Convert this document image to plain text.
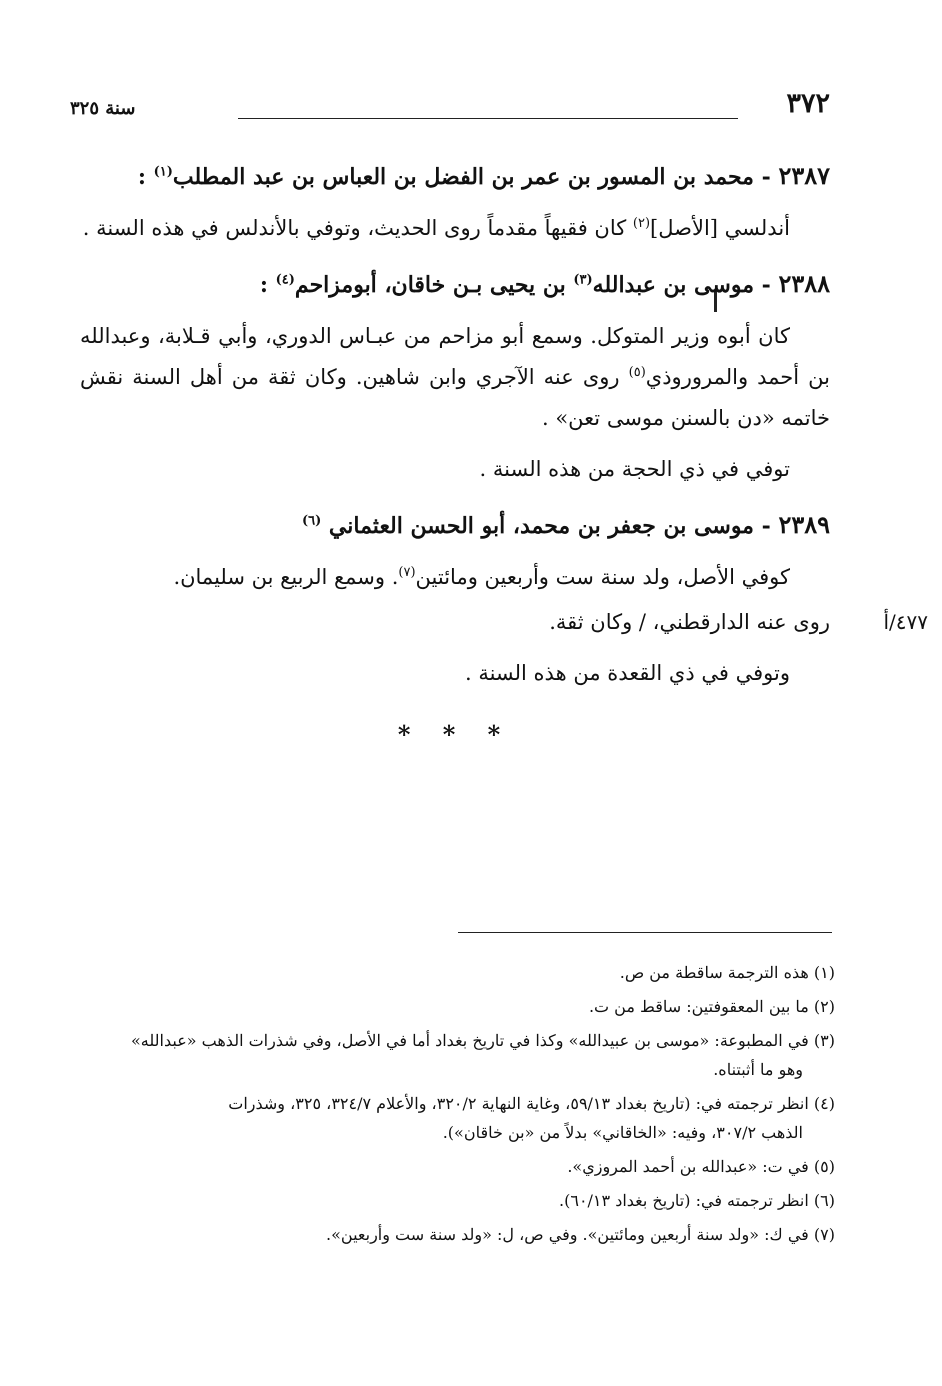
٣٧٢
سنة ٣٢٥

٢٣٨٧ - محمد بن المسور بن عمر بن الفضل بن العباس بن عبد المطلب$^{(١)}$ :

أندلسي [الأصل]$^{(٢)}$ كان فقيهاً مقدماً روى الحديث، وتوفي بالأندلس في هذه السنة .

٢٣٨٨ - موسى بن عبدالله$^{(٣)}$ بن يحيى بـن خاقان، أبومزاحم$^{(٤)}$ :

كان أبوه وزير المتوكل. وسمع أبو مزاحم من عبـاس الدوري، وأبي قـلابة، وعبدالله بن أحمد والمروروذي$^{(٥)}$ روى عنه الآجري وابن شاهين. وكان ثقة من أهل السنة نقش خاتمه «دن بالسنن موسى تعن» .

توفي في ذي الحجة من هذه السنة .

٢٣٨٩ - موسى بن جعفر بن محمد، أبو الحسن العثماني $^{(٦)}$

كوفي الأصل، ولد سنة ست وأربعين ومائتين$^{(٧)}$. وسمع الربيع بن سليمان.

٤٧٧/أ
روى عنه الدارقطني، / وكان ثقة.

وتوفي في ذي القعدة من هذه السنة .

* * *

(١) هذه الترجمة ساقطة من ص.

(٢) ما بين المعقوفتين: ساقط من ت.

(٣) في المطبوعة: «موسى بن عبيدالله» وكذا في تاريخ بغداد أما في الأصل، وفي شذرات الذهب «عبدالله»
وهو ما أثبتناه.

(٤) انظر ترجمته في: (تاريخ بغداد ٥٩/١٣، وغاية النهاية ٣٢٠/٢، والأعلام ٣٢٤/٧، ٣٢٥، وشذرات
الذهب ٣٠٧/٢، وفيه: «الخاقاني» بدلاً من «بن خاقان»).

(٥) في ت: «عبدالله بن أحمد المروزي».

(٦) انظر ترجمته في: (تاريخ بغداد ٦٠/١٣).

(٧) في ك: «ولد سنة أربعين ومائتين». وفي ص، ل: «ولد سنة ست وأربعين».
